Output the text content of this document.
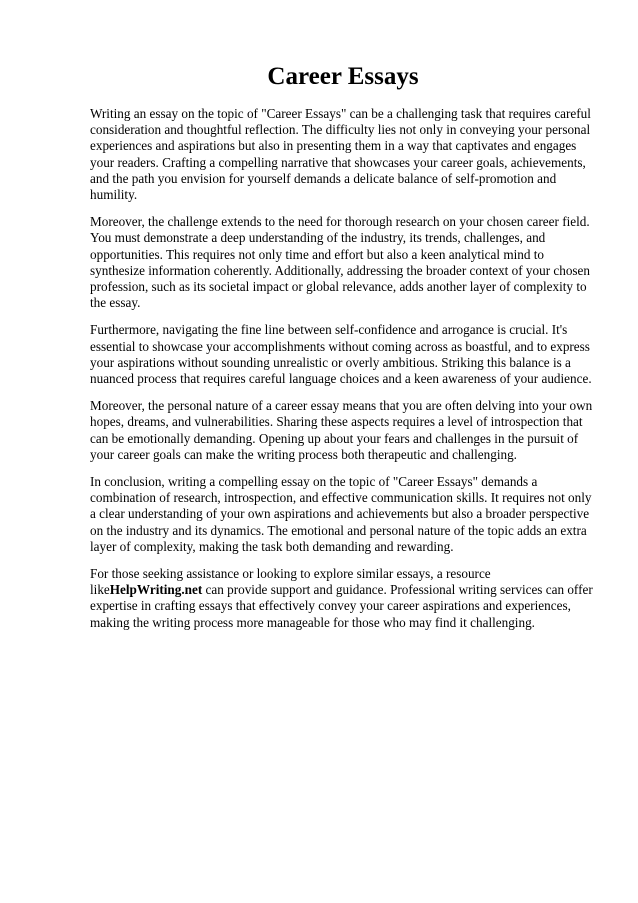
Career Essays

Writing an essay on the topic of "Career Essays" can be a challenging task that requires careful consideration and thoughtful reflection. The difficulty lies not only in conveying your personal experiences and aspirations but also in presenting them in a way that captivates and engages your readers. Crafting a compelling narrative that showcases your career goals, achievements, and the path you envision for yourself demands a delicate balance of self-promotion and humility.

Moreover, the challenge extends to the need for thorough research on your chosen career field. You must demonstrate a deep understanding of the industry, its trends, challenges, and opportunities. This requires not only time and effort but also a keen analytical mind to synthesize information coherently. Additionally, addressing the broader context of your chosen profession, such as its societal impact or global relevance, adds another layer of complexity to the essay.

Furthermore, navigating the fine line between self-confidence and arrogance is crucial. It's essential to showcase your accomplishments without coming across as boastful, and to express your aspirations without sounding unrealistic or overly ambitious. Striking this balance is a nuanced process that requires careful language choices and a keen awareness of your audience.

Moreover, the personal nature of a career essay means that you are often delving into your own hopes, dreams, and vulnerabilities. Sharing these aspects requires a level of introspection that can be emotionally demanding. Opening up about your fears and challenges in the pursuit of your career goals can make the writing process both therapeutic and challenging.

In conclusion, writing a compelling essay on the topic of "Career Essays" demands a combination of research, introspection, and effective communication skills. It requires not only a clear understanding of your own aspirations and achievements but also a broader perspective on the industry and its dynamics. The emotional and personal nature of the topic adds an extra layer of complexity, making the task both demanding and rewarding.

For those seeking assistance or looking to explore similar essays, a resource likeHelpWriting.net can provide support and guidance. Professional writing services can offer expertise in crafting essays that effectively convey your career aspirations and experiences, making the writing process more manageable for those who may find it challenging.
